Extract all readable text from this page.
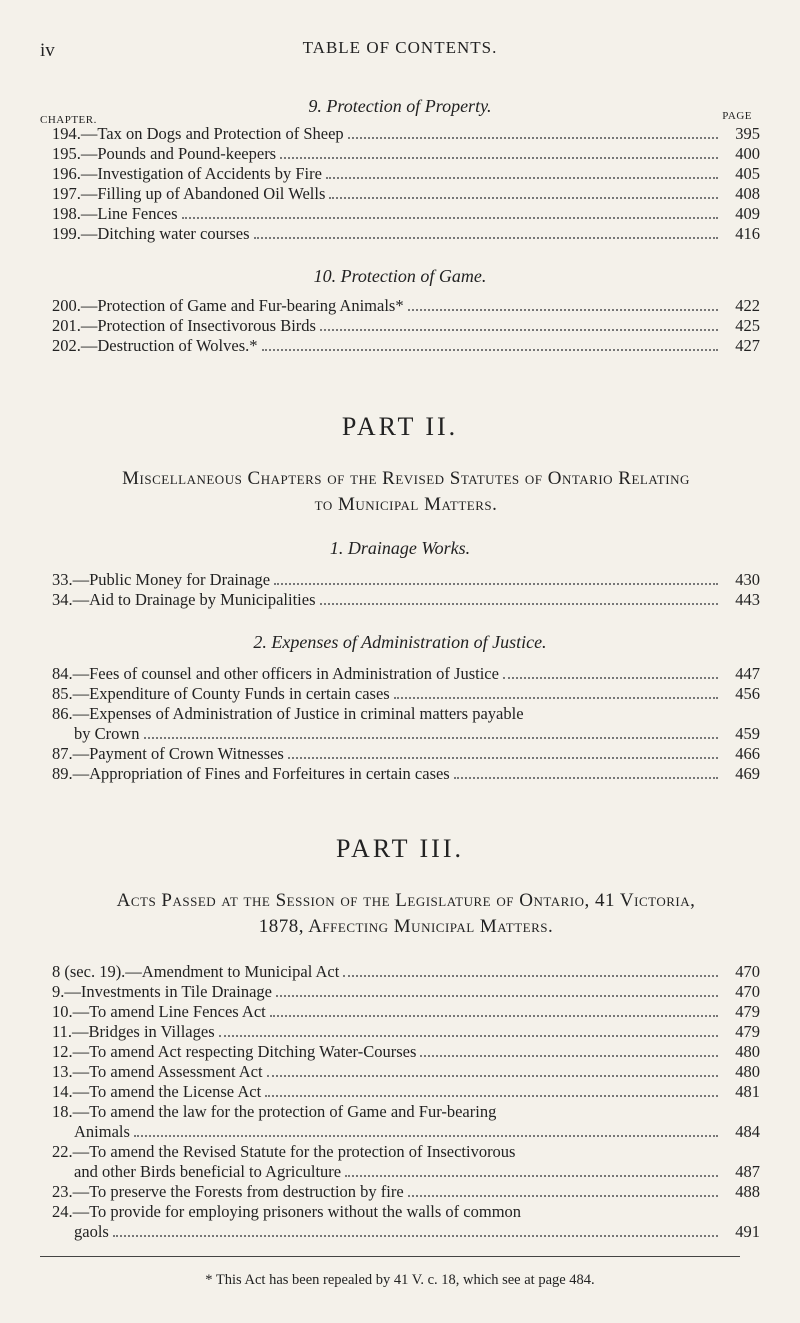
iv	TABLE OF CONTENTS.
9. Protection of Property.
CHAPTER.	PAGE
194.—Tax on Dogs and Protection of Sheep	395
195.—Pounds and Pound-keepers	400
196.—Investigation of Accidents by Fire	405
197.—Filling up of Abandoned Oil Wells	408
198.—Line Fences	409
199.—Ditching water courses	416
10. Protection of Game.
200.—Protection of Game and Fur-bearing Animals*	422
201.—Protection of Insectivorous Birds	425
202.—Destruction of Wolves.*	427
PART II.
Miscellaneous Chapters of the Revised Statutes of Ontario Relating
to Municipal Matters.
1. Drainage Works.
33.—Public Money for Drainage	430
34.—Aid to Drainage by Municipalities	443
2. Expenses of Administration of Justice.
84.—Fees of counsel and other officers in Administration of Justice	447
85.—Expenditure of County Funds in certain cases	456
86.—Expenses of Administration of Justice in criminal matters payable
by Crown	459
87.—Payment of Crown Witnesses	466
89.—Appropriation of Fines and Forfeitures in certain cases	469
PART III.
Acts Passed at the Session of the Legislature of Ontario, 41 Victoria,
1878, Affecting Municipal Matters.
8 (sec. 19).—Amendment to Municipal Act	470
9.—Investments in Tile Drainage	470
10.—To amend Line Fences Act	479
11.—Bridges in Villages	479
12.—To amend Act respecting Ditching Water-Courses	480
13.—To amend Assessment Act	480
14.—To amend the License Act	481
18.—To amend the law for the protection of Game and Fur-bearing
Animals	484
22.—To amend the Revised Statute for the protection of Insectivorous
and other Birds beneficial to Agriculture	487
23.—To preserve the Forests from destruction by fire	488
24.—To provide for employing prisoners without the walls of common
gaols	491
* This Act has been repealed by 41 V. c. 18, which see at page 484.
